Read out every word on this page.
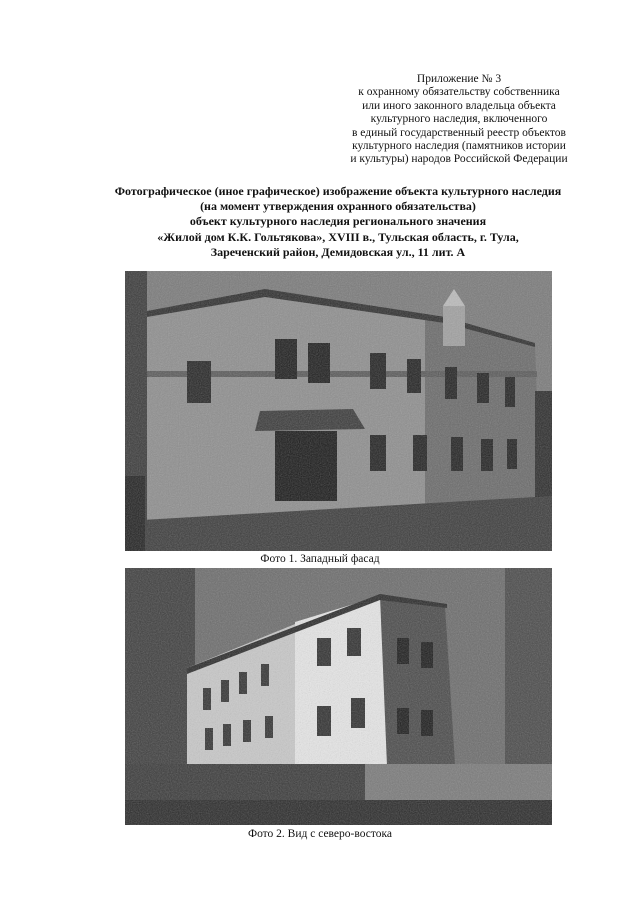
Приложение № 3
к охранному обязательству собственника
или иного законного владельца объекта
культурного наследия, включенного
в единый государственный реестр объектов
культурного наследия (памятников истории
и культуры) народов Российской Федерации
Фотографическое (иное графическое) изображение объекта культурного наследия
(на момент утверждения охранного обязательства)
объект культурного наследия регионального значения
«Жилой дом К.К. Гольтякова», XVIII в., Тульская область, г. Тула,
Зареченский район, Демидовская ул., 11 лит. А
Фото 1. Западный фасад
Фото 2. Вид с северо-востока
